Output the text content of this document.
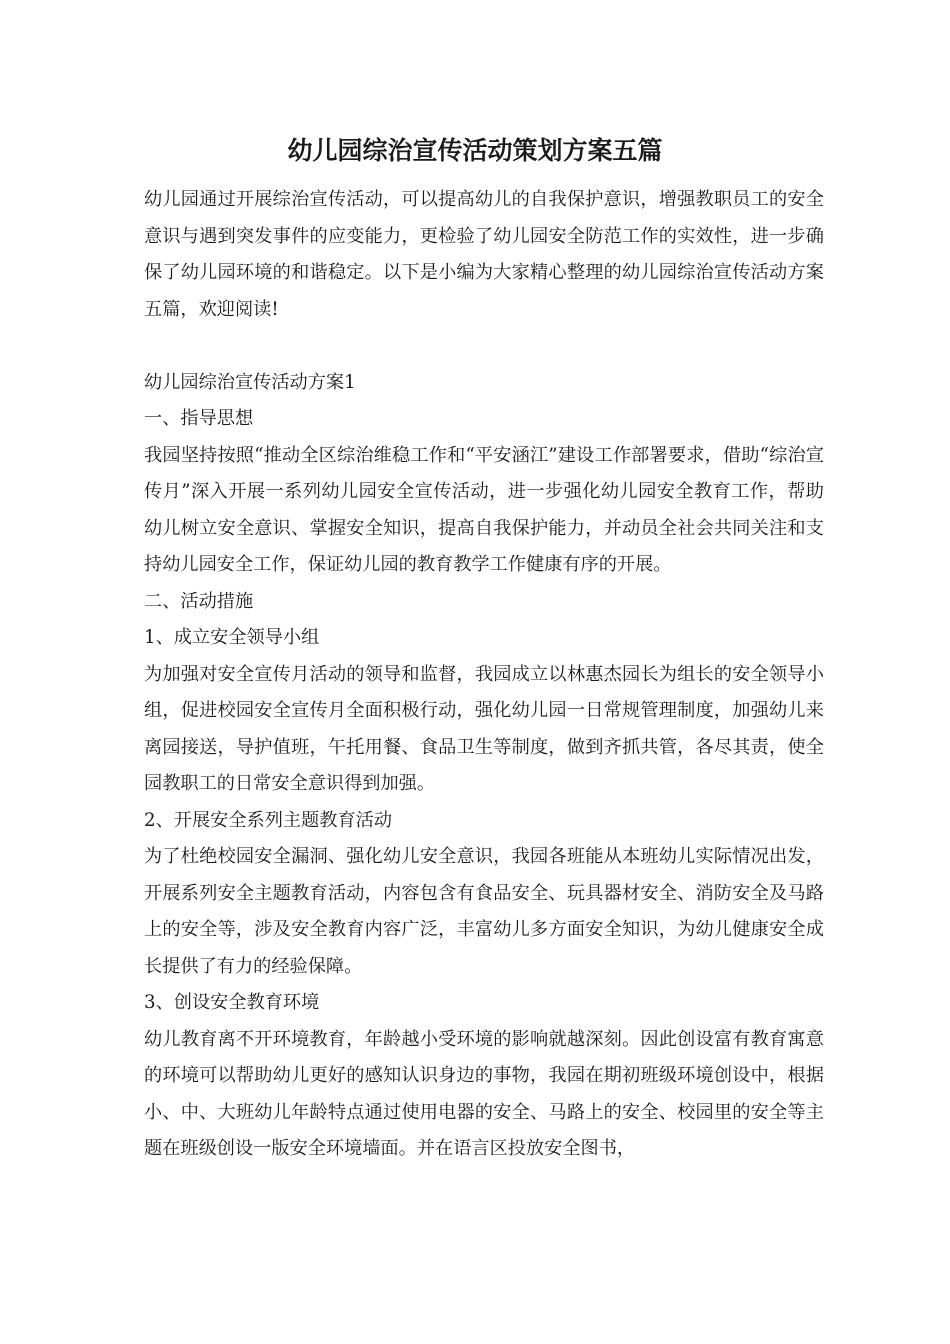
幼儿园综治宣传活动策划方案五篇

幼儿园通过开展综治宣传活动，可以提高幼儿的自我保护意识，增强教职员工的安全意识与遇到突发事件的应变能力，更检验了幼儿园安全防范工作的实效性，进一步确保了幼儿园环境的和谐稳定。以下是小编为大家精心整理的幼儿园综治宣传活动方案五篇，欢迎阅读!

幼儿园综治宣传活动方案1

一、指导思想

我园坚持按照“推动全区综治维稳工作和“平安涵江”建设工作部署要求，借助“综治宣传月”深入开展一系列幼儿园安全宣传活动，进一步强化幼儿园安全教育工作，帮助幼儿树立安全意识、掌握安全知识，提高自我保护能力，并动员全社会共同关注和支持幼儿园安全工作，保证幼儿园的教育教学工作健康有序的开展。

二、活动措施

1、成立安全领导小组

为加强对安全宣传月活动的领导和监督，我园成立以林惠杰园长为组长的安全领导小组，促进校园安全宣传月全面积极行动，强化幼儿园一日常规管理制度，加强幼儿来离园接送，导护值班，午托用餐、食品卫生等制度，做到齐抓共管，各尽其责，使全园教职工的日常安全意识得到加强。

2、开展安全系列主题教育活动

为了杜绝校园安全漏洞、强化幼儿安全意识，我园各班能从本班幼儿实际情况出发，开展系列安全主题教育活动，内容包含有食品安全、玩具器材安全、消防安全及马路上的安全等，涉及安全教育内容广泛，丰富幼儿多方面安全知识，为幼儿健康安全成长提供了有力的经验保障。

3、创设安全教育环境

幼儿教育离不开环境教育，年龄越小受环境的影响就越深刻。因此创设富有教育寓意的环境可以帮助幼儿更好的感知认识身边的事物，我园在期初班级环境创设中，根据小、中、大班幼儿年龄特点通过使用电器的安全、马路上的安全、校园里的安全等主题在班级创设一版安全环境墙面。并在语言区投放安全图书，
